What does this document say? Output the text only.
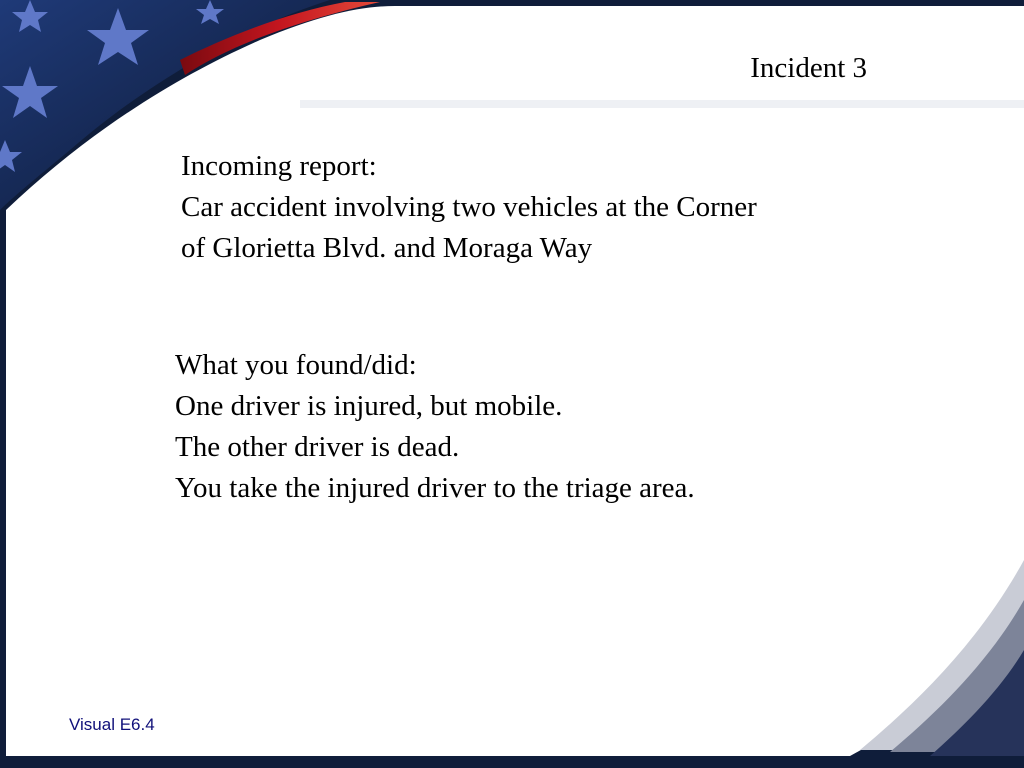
Incident 3
Incoming report:
Car accident involving two vehicles at the Corner
of Glorietta Blvd. and Moraga Way
What you found/did:
One driver is injured, but mobile.
The other driver is dead.
You take the injured driver to the triage area.
Visual E6.4
